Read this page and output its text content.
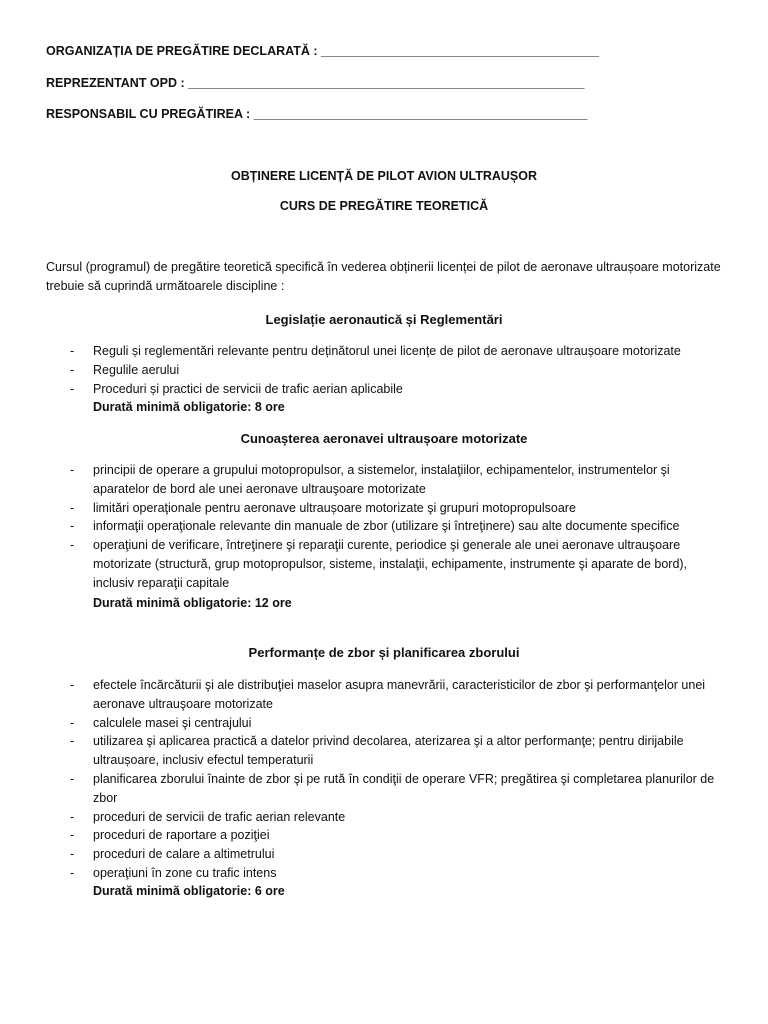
ORGANIZAȚIA DE PREGĂTIRE DECLARATĂ : ________________________________________
REPREZENTANT OPD : _________________________________________________________
RESPONSABIL CU PREGĂTIREA : ________________________________________________
OBȚINERE LICENȚĂ DE PILOT AVION ULTRAUȘOR
CURS DE PREGĂTIRE TEORETICĂ
Cursul (programul) de pregătire teoretică specifică în vederea obținerii licenței de pilot de aeronave ultraușoare motorizate trebuie să cuprindă următoarele discipline :
Legislație aeronautică și Reglementări
- Reguli și reglementări relevante pentru deținătorul unei licențe de pilot de aeronave ultraușoare motorizate
- Regulile aerului
- Proceduri și practici de servicii de trafic aerian aplicabile
Durată minimă obligatorie: 8 ore
Cunoașterea aeronavei ultraușoare motorizate
- principii de operare a grupului motopropulsor, a sistemelor, instalaţiilor, echipamentelor, instrumentelor şi aparatelor de bord ale unei aeronave ultrauşoare motorizate
- limitări operaţionale pentru aeronave ultraușoare motorizate şi grupuri motopropulsoare
- informaţii operaţionale relevante din manuale de zbor (utilizare şi întreţinere) sau alte documente specifice
- operaţiuni de verificare, întreţinere şi reparaţii curente, periodice şi generale ale unei aeronave ultrauşoare motorizate (structură, grup motopropulsor, sisteme, instalaţii, echipamente, instrumente şi aparate de bord), inclusiv reparaţii capitale
Durată minimă obligatorie: 12 ore
Performanțe de zbor și planificarea zborului
- efectele încărcăturii şi ale distribuţiei maselor asupra manevrării, caracteristicilor de zbor şi performanţelor unei aeronave ultrauşoare motorizate
- calculele masei şi centrajului
- utilizarea şi aplicarea practică a datelor privind decolarea, aterizarea şi a altor performanţe; pentru dirijabile ultraușoare, inclusiv efectul temperaturii
- planificarea zborului înainte de zbor şi pe rută în condiţii de operare VFR; pregătirea şi completarea planurilor de zbor
- proceduri de servicii de trafic aerian relevante
- proceduri de raportare a poziţiei
- proceduri de calare a altimetrului
- operaţiuni în zone cu trafic intens
Durată minimă obligatorie: 6 ore
